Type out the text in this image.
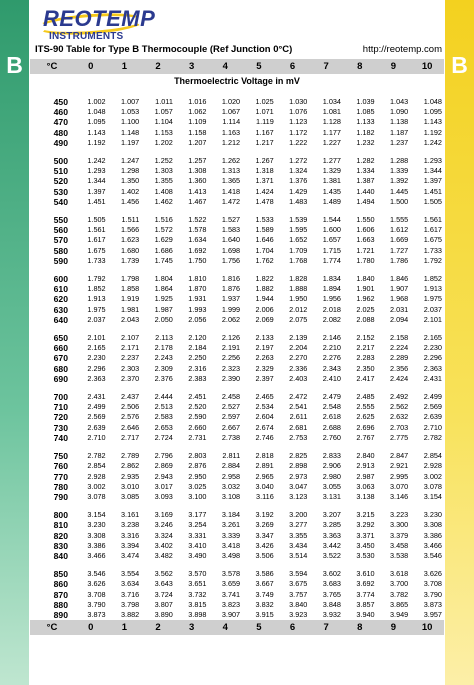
B	B
REOTEMP
INSTRUMENTS
ITS-90 Table for Type B Thermocouple (Ref Junction 0°C)	http://reotemp.com
°C	0	1	2	3	4	5	6	7	8	9	10
Thermoelectric Voltage in mV											

450	1.002	1.007	1.011	1.016	1.020	1.025	1.030	1.034	1.039	1.043	1.048
460	1.048	1.053	1.057	1.062	1.067	1.071	1.076	1.081	1.085	1.090	1.095
470	1.095	1.100	1.104	1.109	1.114	1.119	1.123	1.128	1.133	1.138	1.143
480	1.143	1.148	1.153	1.158	1.163	1.167	1.172	1.177	1.182	1.187	1.192
490	1.192	1.197	1.202	1.207	1.212	1.217	1.222	1.227	1.232	1.237	1.242

500	1.242	1.247	1.252	1.257	1.262	1.267	1.272	1.277	1.282	1.288	1.293
510	1.293	1.298	1.303	1.308	1.313	1.318	1.324	1.329	1.334	1.339	1.344
520	1.344	1.350	1.355	1.360	1.365	1.371	1.376	1.381	1.387	1.392	1.397
530	1.397	1.402	1.408	1.413	1.418	1.424	1.429	1.435	1.440	1.445	1.451
540	1.451	1.456	1.462	1.467	1.472	1.478	1.483	1.489	1.494	1.500	1.505

550	1.505	1.511	1.516	1.522	1.527	1.533	1.539	1.544	1.550	1.555	1.561
560	1.561	1.566	1.572	1.578	1.583	1.589	1.595	1.600	1.606	1.612	1.617
570	1.617	1.623	1.629	1.634	1.640	1.646	1.652	1.657	1.663	1.669	1.675
580	1.675	1.680	1.686	1.692	1.698	1.704	1.709	1.715	1.721	1.727	1.733
590	1.733	1.739	1.745	1.750	1.756	1.762	1.768	1.774	1.780	1.786	1.792

600	1.792	1.798	1.804	1.810	1.816	1.822	1.828	1.834	1.840	1.846	1.852
610	1.852	1.858	1.864	1.870	1.876	1.882	1.888	1.894	1.901	1.907	1.913
620	1.913	1.919	1.925	1.931	1.937	1.944	1.950	1.956	1.962	1.968	1.975
630	1.975	1.981	1.987	1.993	1.999	2.006	2.012	2.018	2.025	2.031	2.037
640	2.037	2.043	2.050	2.056	2.062	2.069	2.075	2.082	2.088	2.094	2.101

650	2.101	2.107	2.113	2.120	2.126	2.133	2.139	2.146	2.152	2.158	2.165
660	2.165	2.171	2.178	2.184	2.191	2.197	2.204	2.210	2.217	2.224	2.230
670	2.230	2.237	2.243	2.250	2.256	2.263	2.270	2.276	2.283	2.289	2.296
680	2.296	2.303	2.309	2.316	2.323	2.329	2.336	2.343	2.350	2.356	2.363
690	2.363	2.370	2.376	2.383	2.390	2.397	2.403	2.410	2.417	2.424	2.431

700	2.431	2.437	2.444	2.451	2.458	2.465	2.472	2.479	2.485	2.492	2.499
710	2.499	2.506	2.513	2.520	2.527	2.534	2.541	2.548	2.555	2.562	2.569
720	2.569	2.576	2.583	2.590	2.597	2.604	2.611	2.618	2.625	2.632	2.639
730	2.639	2.646	2.653	2.660	2.667	2.674	2.681	2.688	2.696	2.703	2.710
740	2.710	2.717	2.724	2.731	2.738	2.746	2.753	2.760	2.767	2.775	2.782

750	2.782	2.789	2.796	2.803	2.811	2.818	2.825	2.833	2.840	2.847	2.854
760	2.854	2.862	2.869	2.876	2.884	2.891	2.898	2.906	2.913	2.921	2.928
770	2.928	2.935	2.943	2.950	2.958	2.965	2.973	2.980	2.987	2.995	3.002
780	3.002	3.010	3.017	3.025	3.032	3.040	3.047	3.055	3.063	3.070	3.078
790	3.078	3.085	3.093	3.100	3.108	3.116	3.123	3.131	3.138	3.146	3.154

800	3.154	3.161	3.169	3.177	3.184	3.192	3.200	3.207	3.215	3.223	3.230
810	3.230	3.238	3.246	3.254	3.261	3.269	3.277	3.285	3.292	3.300	3.308
820	3.308	3.316	3.324	3.331	3.339	3.347	3.355	3.363	3.371	3.379	3.386
830	3.386	3.394	3.402	3.410	3.418	3.426	3.434	3.442	3.450	3.458	3.466
840	3.466	3.474	3.482	3.490	3.498	3.506	3.514	3.522	3.530	3.538	3.546

850	3.546	3.554	3.562	3.570	3.578	3.586	3.594	3.602	3.610	3.618	3.626
860	3.626	3.634	3.643	3.651	3.659	3.667	3.675	3.683	3.692	3.700	3.708
870	3.708	3.716	3.724	3.732	3.741	3.749	3.757	3.765	3.774	3.782	3.790
880	3.790	3.798	3.807	3.815	3.823	3.832	3.840	3.848	3.857	3.865	3.873
890	3.873	3.882	3.890	3.898	3.907	3.915	3.923	3.932	3.940	3.949	3.957
°C	0	1	2	3	4	5	6	7	8	9	10
